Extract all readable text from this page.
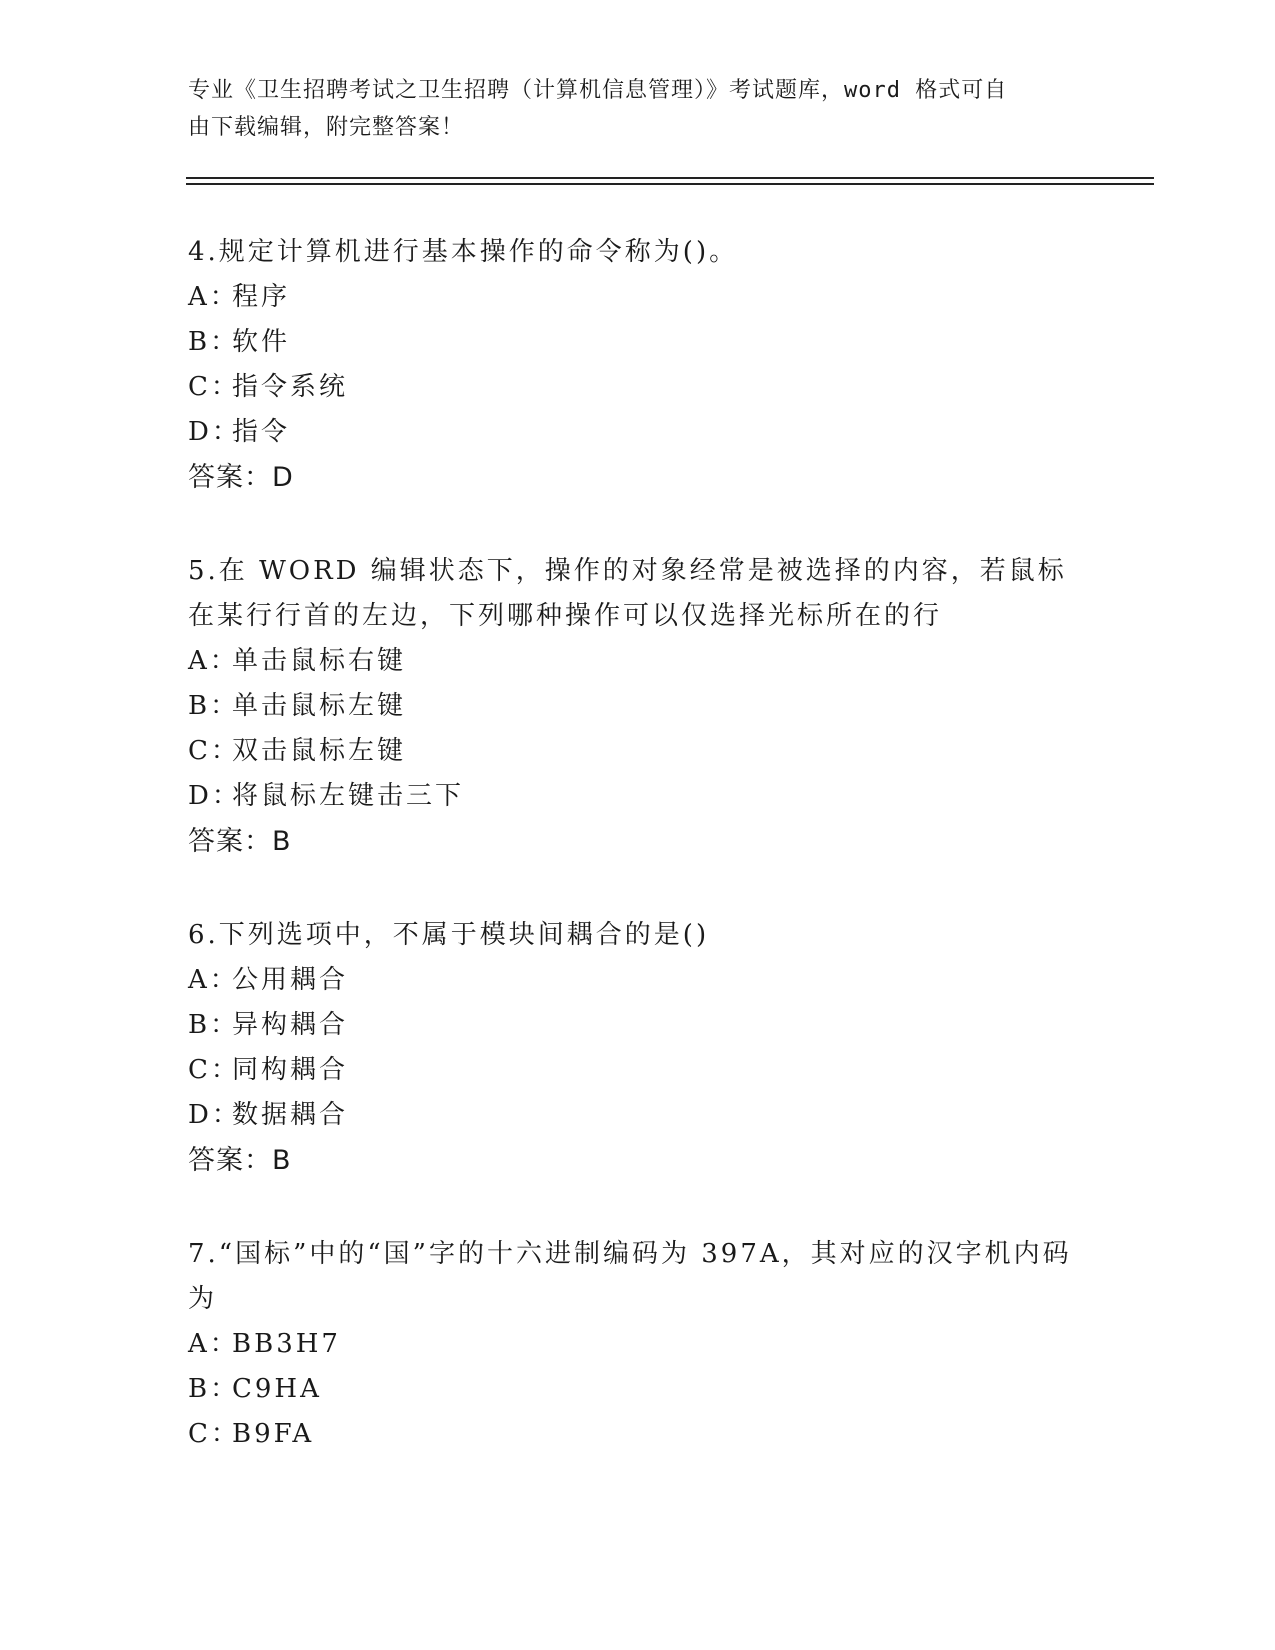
专业《卫生招聘考试之卫生招聘（计算机信息管理）》考试题库，word 格式可自
由下载编辑，附完整答案！

4.规定计算机进行基本操作的命令称为()。

A：
程序
B：
软件
C：
指令系统
D：
指令

答案：D

5.在 WORD 编辑状态下，操作的对象经常是被选择的内容，若鼠标在某行行首的左边，下列哪种操作可以仅选择光标所在的行

A：
单击鼠标右键
B：
单击鼠标左键
C：
双击鼠标左键
D：
将鼠标左键击三下

答案：B

6.下列选项中，不属于模块间耦合的是()

A：
公用耦合
B：
异构耦合
C：
同构耦合
D：
数据耦合

答案：B

7.“国标”中的“国”字的十六进制编码为 397A，其对应的汉字机内码为

A：
BB3H7
B：
C9HA
C：
B9FA
